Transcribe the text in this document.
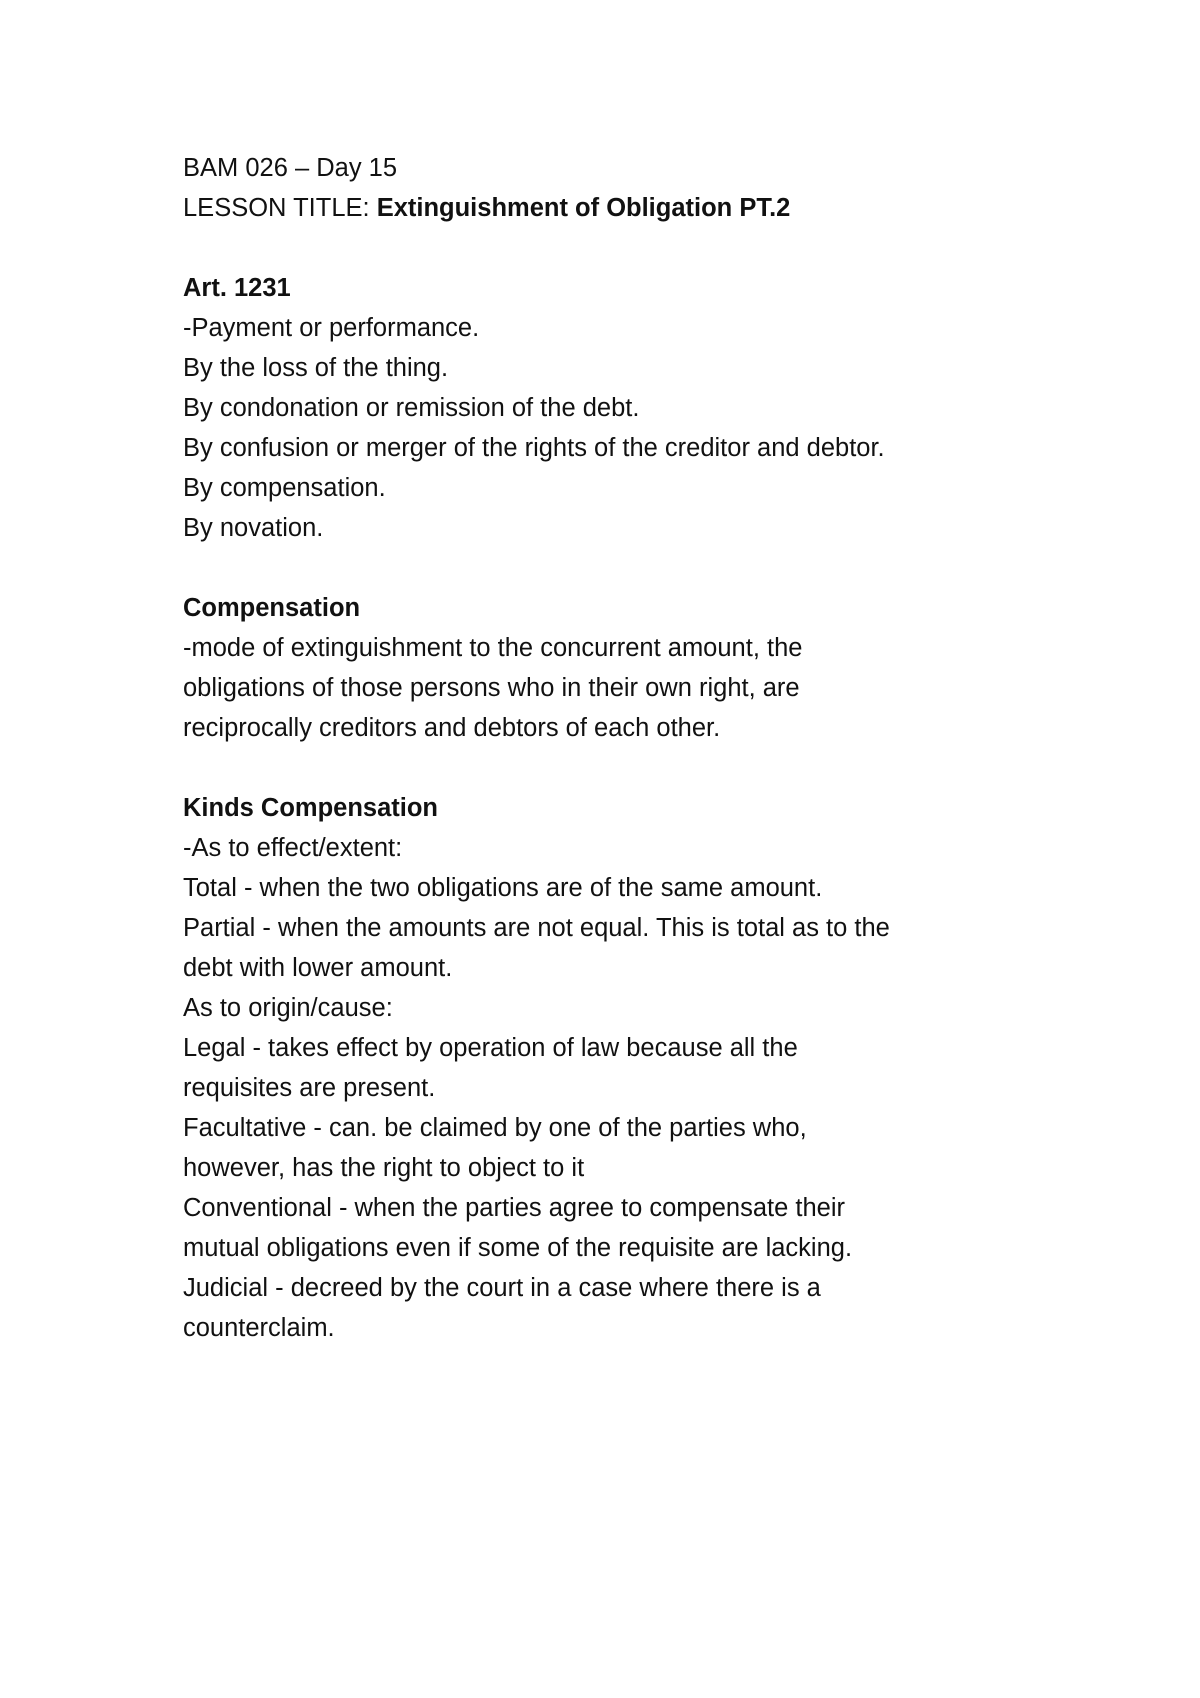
BAM 026 – Day 15
LESSON TITLE: Extinguishment of Obligation PT.2
Art. 1231
-Payment or performance.
By the loss of the thing.
By condonation or remission of the debt.
By confusion or merger of the rights of the creditor and debtor.
By compensation.
By novation.
Compensation
-mode of extinguishment to the concurrent amount, the
obligations of those persons who in their own right, are
reciprocally creditors and debtors of each other.
Kinds Compensation
-As to effect/extent:
Total - when the two obligations are of the same amount.
Partial - when the amounts are not equal. This is total as to the
debt with lower amount.
As to origin/cause:
Legal - takes effect by operation of law because all the
requisites are present.
Facultative - can. be claimed by one of the parties who,
however, has the right to object to it
Conventional - when the parties agree to compensate their
mutual obligations even if some of the requisite are lacking.
Judicial - decreed by the court in a case where there is a
counterclaim.
